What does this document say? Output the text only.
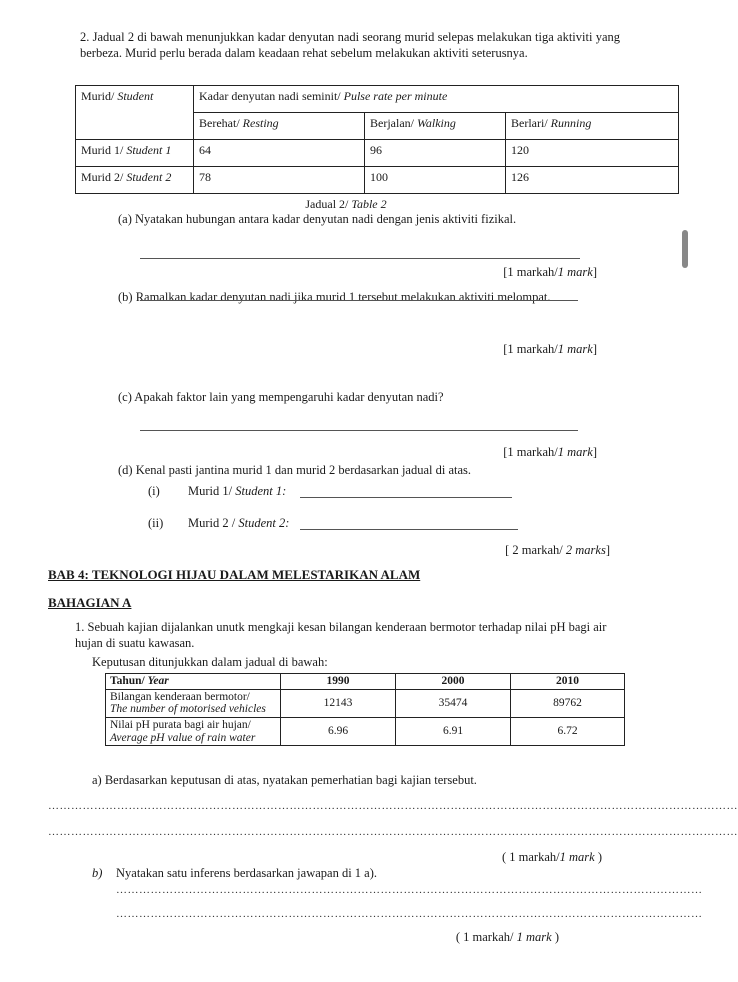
2. Jadual 2 di bawah menunjukkan kadar denyutan nadi seorang murid selepas melakukan tiga aktiviti yang berbeza. Murid perlu berada dalam keadaan rehat sebelum melakukan aktiviti seterusnya.
Murid/ Student	Kadar denyutan nadi seminit/ Pulse rate per minute		
	Berehat/ Resting	Berjalan/ Walking	Berlari/ Running
Murid 1/ Student 1	64	96	120
Murid 2/ Student 2	78	100	126
Jadual 2/ Table 2
(a) Nyatakan hubungan antara kadar denyutan nadi dengan jenis aktiviti fizikal.
[1 markah/1 mark]
(b) Ramalkan kadar denyutan nadi jika murid 1 tersebut melakukan aktiviti melompat.
[1 markah/1 mark]
(c) Apakah faktor lain yang mempengaruhi kadar denyutan nadi?
[1 markah/1 mark]
(d) Kenal pasti jantina murid 1 dan murid 2 berdasarkan jadual di atas.
(i) Murid 1/ Student 1:
(ii) Murid 2 / Student 2:
[ 2 markah/ 2 marks]
BAB 4: TEKNOLOGI HIJAU DALAM MELESTARIKAN ALAM
BAHAGIAN A
1. Sebuah kajian dijalankan unutk mengkaji kesan bilangan kenderaan bermotor terhadap nilai pH bagi air hujan di suatu kawasan.
Keputusan ditunjukkan dalam jadual di bawah:
Tahun/ Year	1990	2000	2010
Bilangan kenderaan bermotor/

The number of motorised vehicles	12143	35474	89762
Nilai pH purata bagi air hujan/
Average pH value of rain water	6.96	6.91	6.72
a) Berdasarkan keputusan di atas, nyatakan pemerhatian bagi kajian tersebut.
………………………………………………………………………………………………………………………………………………………………
………………………………………………………………………………………………………………………………………………………………
( 1 markah/1 mark )
b) Nyatakan satu inferens berdasarkan jawapan di 1 a).
………………………………………………………………………………………………………………………………………
………………………………………………………………………………………………………………………………………
( 1 markah/ 1 mark )
